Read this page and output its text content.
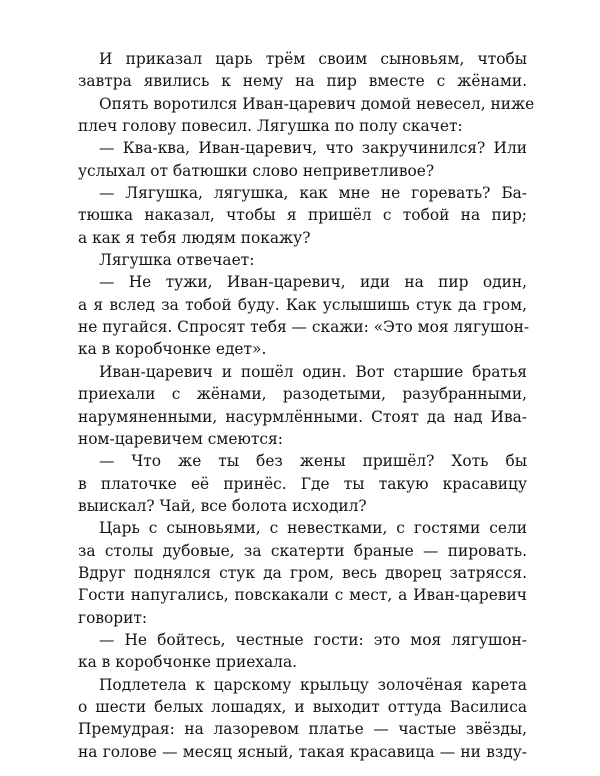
И приказал царь трём своим сыновьям, чтобы
завтра явились к нему на пир вместе с жёнами.

Опять воротился Иван-царевич домой невесел, ниже
плеч голову повесил. Лягушка по полу скачет:

— Ква-ква, Иван-царевич, что закручинился? Или
услыхал от батюшки слово неприветливое?

— Лягушка, лягушка, как мне не горевать? Ба-
тюшка наказал, чтобы я пришёл с тобой на пир;
а как я тебя людям покажу?

Лягушка отвечает:

— Не тужи, Иван-царевич, иди на пир один,
а я вслед за тобой буду. Как услышишь стук да гром,
не пугайся. Спросят тебя — скажи: «Это моя лягушон-
ка в коробчонке едет».

Иван-царевич и пошёл один. Вот старшие братья
приехали с жёнами, разодетыми, разубранными,
нарумяненными, насурмлёнными. Стоят да над Ива-
ном-царевичем смеются:

— Что же ты без жены пришёл? Хоть бы
в платочке её принёс. Где ты такую красавицу
выискал? Чай, все болота исходил?

Царь с сыновьями, с невестками, с гостями сели
за столы дубовые, за скатерти браные — пировать.
Вдруг поднялся стук да гром, весь дворец затрясся.
Гости напугались, повскакали с мест, а Иван-царевич
говорит:

— Не бойтесь, честные гости: это моя лягушон-
ка в коробчонке приехала.

Подлетела к царскому крыльцу золочёная карета
о шести белых лошадях, и выходит оттуда Василиса
Премудрая: на лазоревом платье — частые звёзды,
на голове — месяц ясный, такая красавица — ни взду-
